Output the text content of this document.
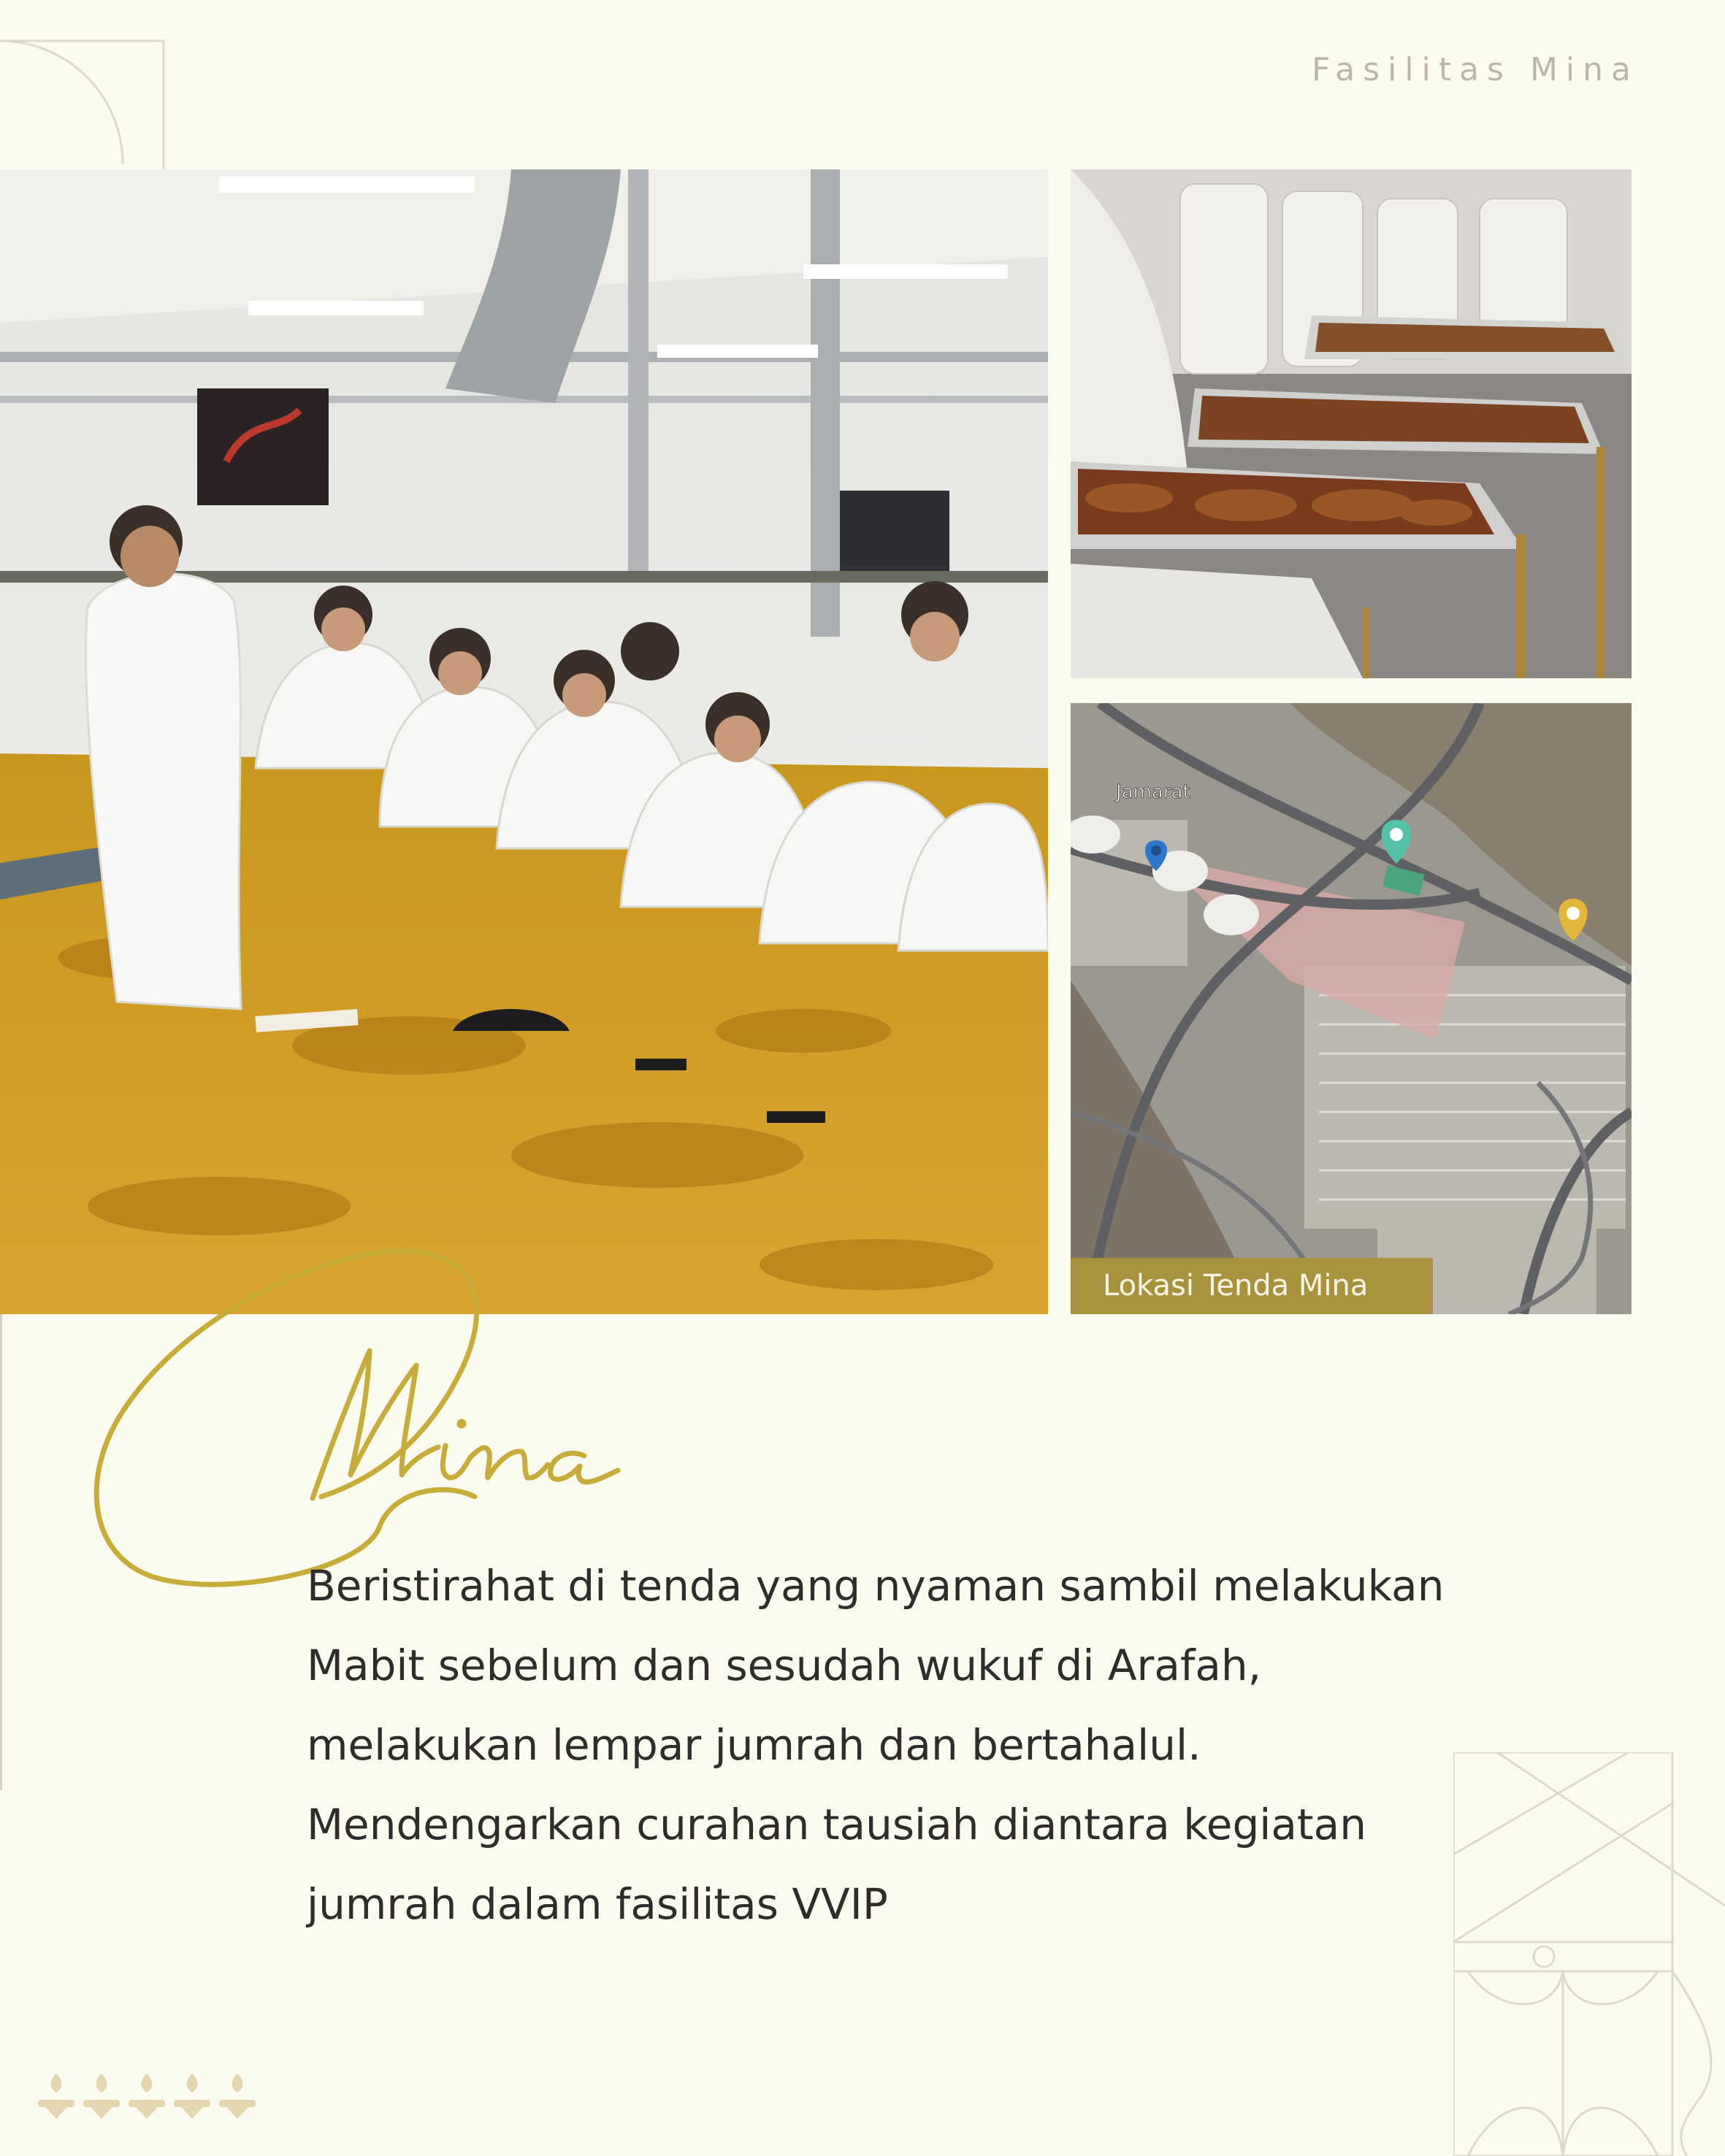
Fasilitas Mina
Jamarat
Lokasi Tenda Mina

Beristirahat di tenda yang nyaman sambil melakukan
Mabit sebelum dan sesudah wukuf di Arafah,
melakukan lempar jumrah dan bertahalul.
Mendengarkan curahan tausiah diantara kegiatan
jumrah dalam fasilitas VVIP
